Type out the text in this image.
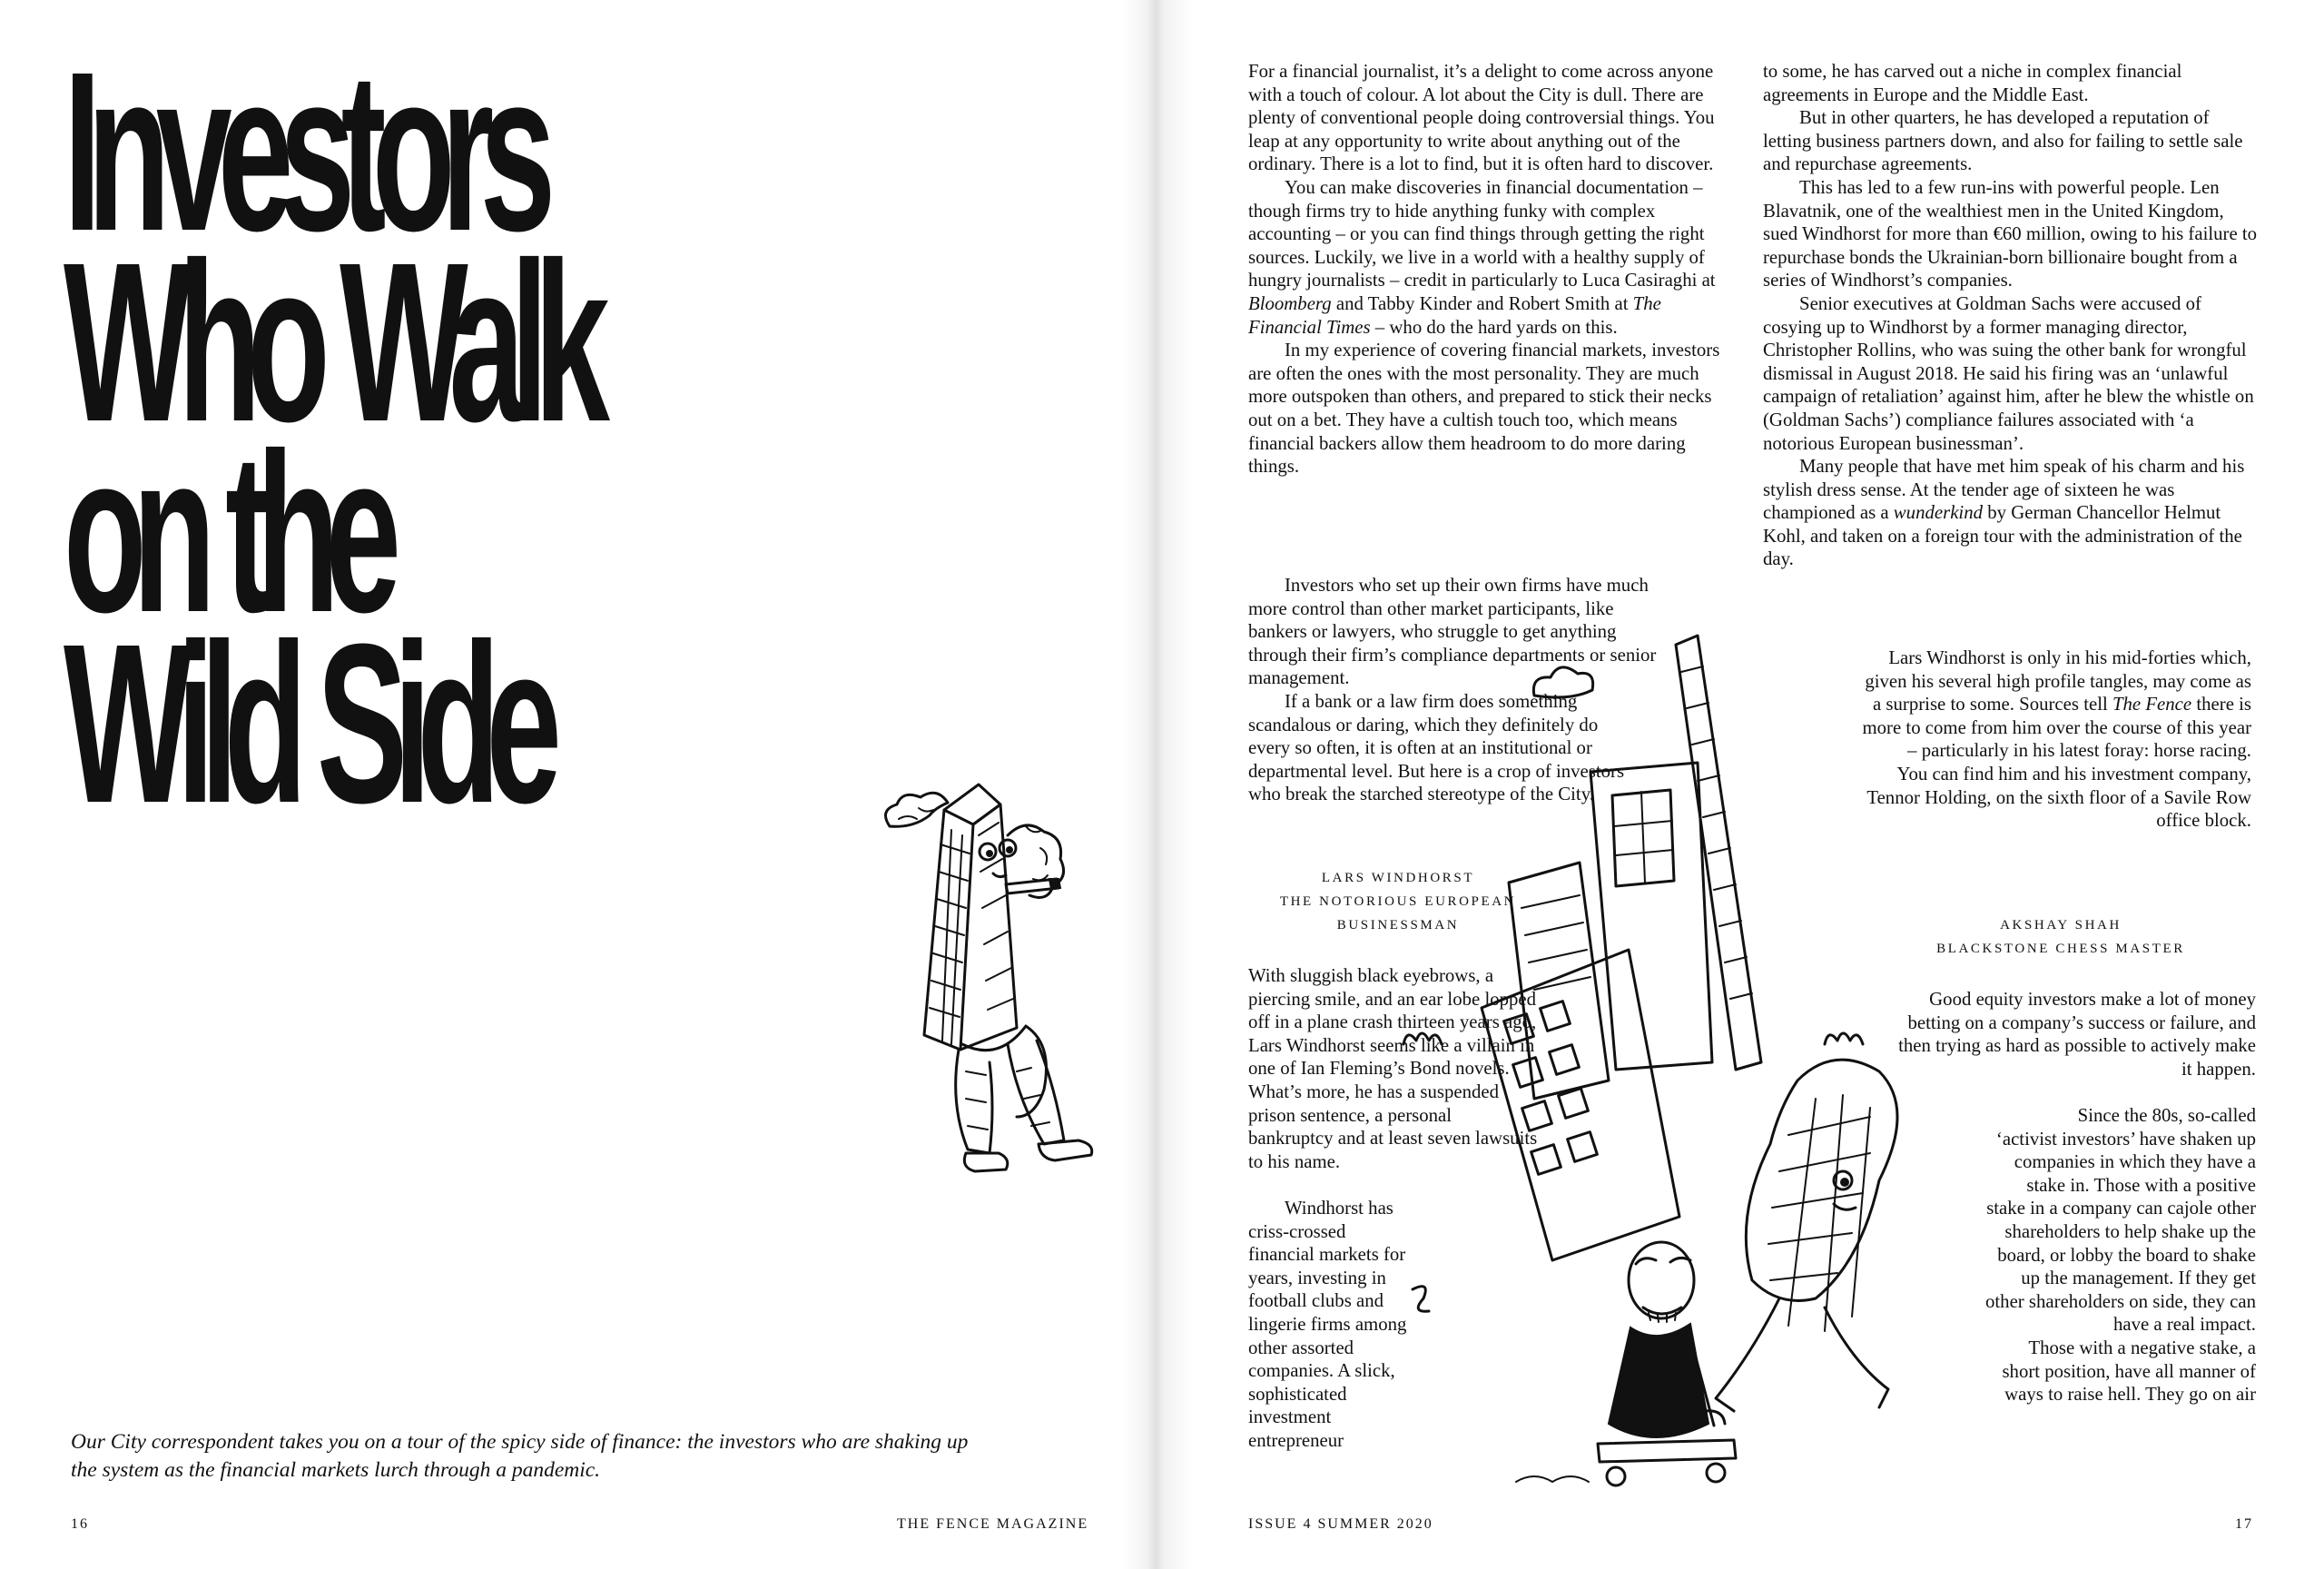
Investors
Who Walk
on the
Wild Side

Our City correspondent takes you on a tour of the spicy side of finance: the investors who are shaking up
the system as the financial markets lurch through a pandemic.

16	THE FENCE MAGAZINE

For a financial journalist, it’s a delight to come across anyone with a touch of colour. A lot about the City is dull. There are plenty of conventional people doing controversial things. You leap at any opportunity to write about anything out of the ordinary. There is a lot to find, but it is often hard to discover.

You can make discoveries in financial documentation – though firms try to hide anything funky with complex accounting – or you can find things through getting the right sources. Luckily, we live in a world with a healthy supply of hungry journalists – credit in particularly to Luca Casiraghi at Bloomberg and Tabby Kinder and Robert Smith at The Financial Times – who do the hard yards on this.

In my experience of covering financial markets, investors are often the ones with the most personality. They are much more outspoken than others, and prepared to stick their necks out on a bet. They have a cultish touch too, which means financial backers allow them headroom to do more daring things.

Investors who set up their own firms have much more control than other market participants, like bankers or lawyers, who struggle to get anything through their firm’s compliance departments or senior management.

If a bank or a law firm does something scandalous or daring, which they definitely do every so often, it is often at an institutional or departmental level. But here is a crop of investors who break the starched stereotype of the City.

LARS WINDHORST
THE NOTORIOUS EUROPEAN
BUSINESSMAN

With sluggish black eyebrows, a piercing smile, and an ear lobe lopped off in a plane crash thirteen years ago, Lars Windhorst seems like a villain in one of Ian Fleming’s Bond novels. What’s more, he has a suspended prison sentence, a personal bankruptcy and at least seven lawsuits to his name.

Windhorst has criss-crossed financial markets for years, investing in football clubs and lingerie firms among other assorted companies. A slick, sophisticated investment entrepreneur

to some, he has carved out a niche in complex financial agreements in Europe and the Middle East.

But in other quarters, he has developed a reputation of letting business partners down, and also for failing to settle sale and repurchase agreements.

This has led to a few run-ins with powerful people. Len Blavatnik, one of the wealthiest men in the United Kingdom, sued Windhorst for more than €60 million, owing to his failure to repurchase bonds the Ukrainian-born billionaire bought from a series of Windhorst’s companies.

Senior executives at Goldman Sachs were accused of cosying up to Windhorst by a former managing director, Christopher Rollins, who was suing the other bank for wrongful dismissal in August 2018. He said his firing was an ‘unlawful campaign of retaliation’ against him, after he blew the whistle on (Goldman Sachs’) compliance failures associated with ‘a notorious European businessman’.

Many people that have met him speak of his charm and his stylish dress sense. At the tender age of sixteen he was championed as a wunderkind by German Chancellor Helmut Kohl, and taken on a foreign tour with the administration of the day.

Lars Windhorst is only in his mid-forties which, given his several high profile tangles, may come as a surprise to some. Sources tell The Fence there is more to come from him over the course of this year – particularly in his latest foray: horse racing.

You can find him and his investment company, Tennor Holding, on the sixth floor of a Savile Row office block.

AKSHAY SHAH
BLACKSTONE CHESS MASTER

Good equity investors make a lot of money betting on a company’s success or failure, and then trying as hard as possible to actively make it happen.

Since the 80s, so-called ‘activist investors’ have shaken up companies in which they have a stake in. Those with a positive stake in a company can cajole other shareholders to help shake up the board, or lobby the board to shake up the management. If they get other shareholders on side, they can have a real impact.

Those with a negative stake, a short position, have all manner of ways to raise hell. They go on air

ISSUE 4 SUMMER 2020	17
